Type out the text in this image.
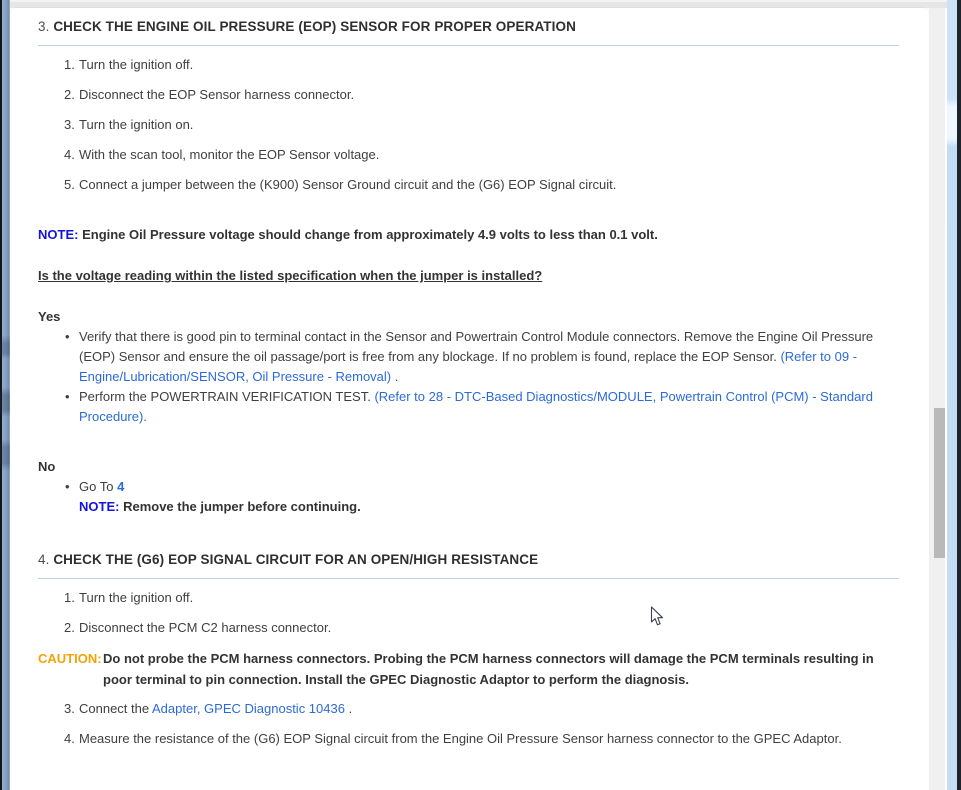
3. CHECK THE ENGINE OIL PRESSURE (EOP) SENSOR FOR PROPER OPERATION
1. Turn the ignition off.
2. Disconnect the EOP Sensor harness connector.
3. Turn the ignition on.
4. With the scan tool, monitor the EOP Sensor voltage.
5. Connect a jumper between the (K900) Sensor Ground circuit and the (G6) EOP Signal circuit.

NOTE: Engine Oil Pressure voltage should change from approximately 4.9 volts to less than 0.1 volt.

Is the voltage reading within the listed specification when the jumper is installed?

Yes

• Verify that there is good pin to terminal contact in the Sensor and Powertrain Control Module connectors. Remove the Engine Oil Pressure (EOP) Sensor and ensure the oil passage/port is free from any blockage. If no problem is found, replace the EOP Sensor. (Refer to 09 - Engine/Lubrication/SENSOR, Oil Pressure - Removal) .
• Perform the POWERTRAIN VERIFICATION TEST. (Refer to 28 - DTC-Based Diagnostics/MODULE, Powertrain Control (PCM) - Standard Procedure).

No

• Go To 4
NOTE: Remove the jumper before continuing.
4. CHECK THE (G6) EOP SIGNAL CIRCUIT FOR AN OPEN/HIGH RESISTANCE
1. Turn the ignition off.
2. Disconnect the PCM C2 harness connector.
CAUTION: Do not probe the PCM harness connectors. Probing the PCM harness connectors will damage the PCM terminals resulting in poor terminal to pin connection. Install the GPEC Diagnostic Adaptor to perform the diagnosis.
3. Connect the Adapter, GPEC Diagnostic 10436 .
4. Measure the resistance of the (G6) EOP Signal circuit from the Engine Oil Pressure Sensor harness connector to the GPEC Adaptor.
